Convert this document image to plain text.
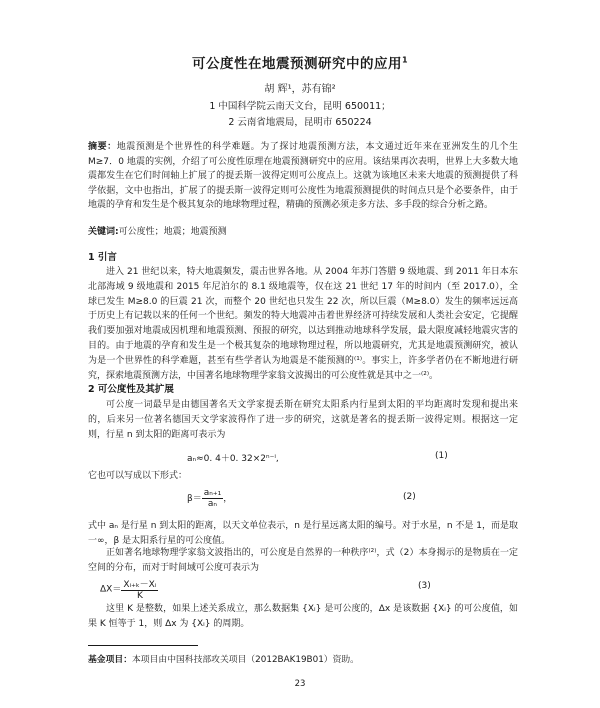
可公度性在地震预测研究中的应用$^1$
胡 辉¹，苏有锦²
1 中国科学院云南天文台，昆明 650011；
2 云南省地震局，昆明市 650224
摘要：地震预测是个世界性的科学难题。为了探讨地震预测方法，本文通过近年来在亚洲发生的几个生 M≥7．0 地震的实例，介绍了可公度性原理在地震预测研究中的应用。该结果再次表明，世界上大多数大地震都发生在它们时间轴上扩展了的提丢斯一波得定则可公度点上。这就为该地区未来大地震的预测提供了科学依据，文中也指出，扩展了的提丢斯一波得定则可公度性为地震预测提供的时间点只是个必要条件，由于地震的孕育和发生是个极其复杂的地球物理过程，精确的预测必须走多方法、多手段的综合分析之路。
关键词:可公度性；地震；地震预测
1 引言
进入 21 世纪以来，特大地震频发，震击世界各地。从 2004 年苏门答腊 9 级地震、到 2011 年日本东北部海域 9 级地震和 2015 年尼泊尔的 8.1 级地震等，仅在这 21 世纪 17 年的时间内（至 2017.0），全球已发生 M≥8.0 的巨震 21 次，而整个 20 世纪也只发生 22 次，所以巨震（M≥8.0）发生的频率远远高于历史上有记载以来的任何一个世纪。频发的特大地震冲击着世界经济可持续发展和人类社会安定，它提醒我们要加强对地震成因机理和地震预测、预报的研究，以达到推动地球科学发展，最大限度减轻地震灾害的目的。由于地震的孕育和发生是一个极其复杂的地球物理过程，所以地震研究，尤其是地震预测研究，被认为是一个世界性的科学难题，甚至有些学者认为地震是不能预测的⁽¹⁾。事实上，许多学者仍在不断地进行研究，探索地震预测方法，中国著名地球物理学家翁文波揭出的可公度性就是其中之一⁽²⁾。
2 可公度性及其扩展
可公度一词最早是由德国著名天文学家提丢斯在研究太阳系内行星到太阳的平均距离时发现和提出来的，后来另一位著名德国天文学家波得作了进一步的研究，这就是著名的提丢斯一波得定则。根据这一定则，行星 n 到太阳的距离可表示为
aₙ≈0. 4＋0. 32×2ⁿ⁻ⁱ,	(1)
它也可以写成以下形式：
$\beta= \frac{\text{aₙ₊₁}}{\text{aₙ}}$ ，	(2)
式中 aₙ 是行星 n 到太阳的距离，以天文单位表示，n 是行星远离太阳的编号。对于水星，n 不是 1，而是取一∞，β 是太阳系行星的可公度值。
正如著名地球物理学家翁文波指出的，可公度是自然界的一种秩序⁽²⁾，式（2）本身揭示的是物质在一定空间的分布，而对于时间域可公度可表示为
$\Delta X= \frac{\text{Xᵢ₊ₖ－Xᵢ}}{K}$	(3)
这里 K 是整数，如果上述关系成立，那么数据集 {Xᵢ} 是可公度的，Δx 是该数据 {Xᵢ} 的可公度值，如果 K 恒等于 1，则 Δx 为 {Xᵢ} 的周期。
基金项目：本项目由中国科技部攻关项目（2012BAK19B01）资助。
23
